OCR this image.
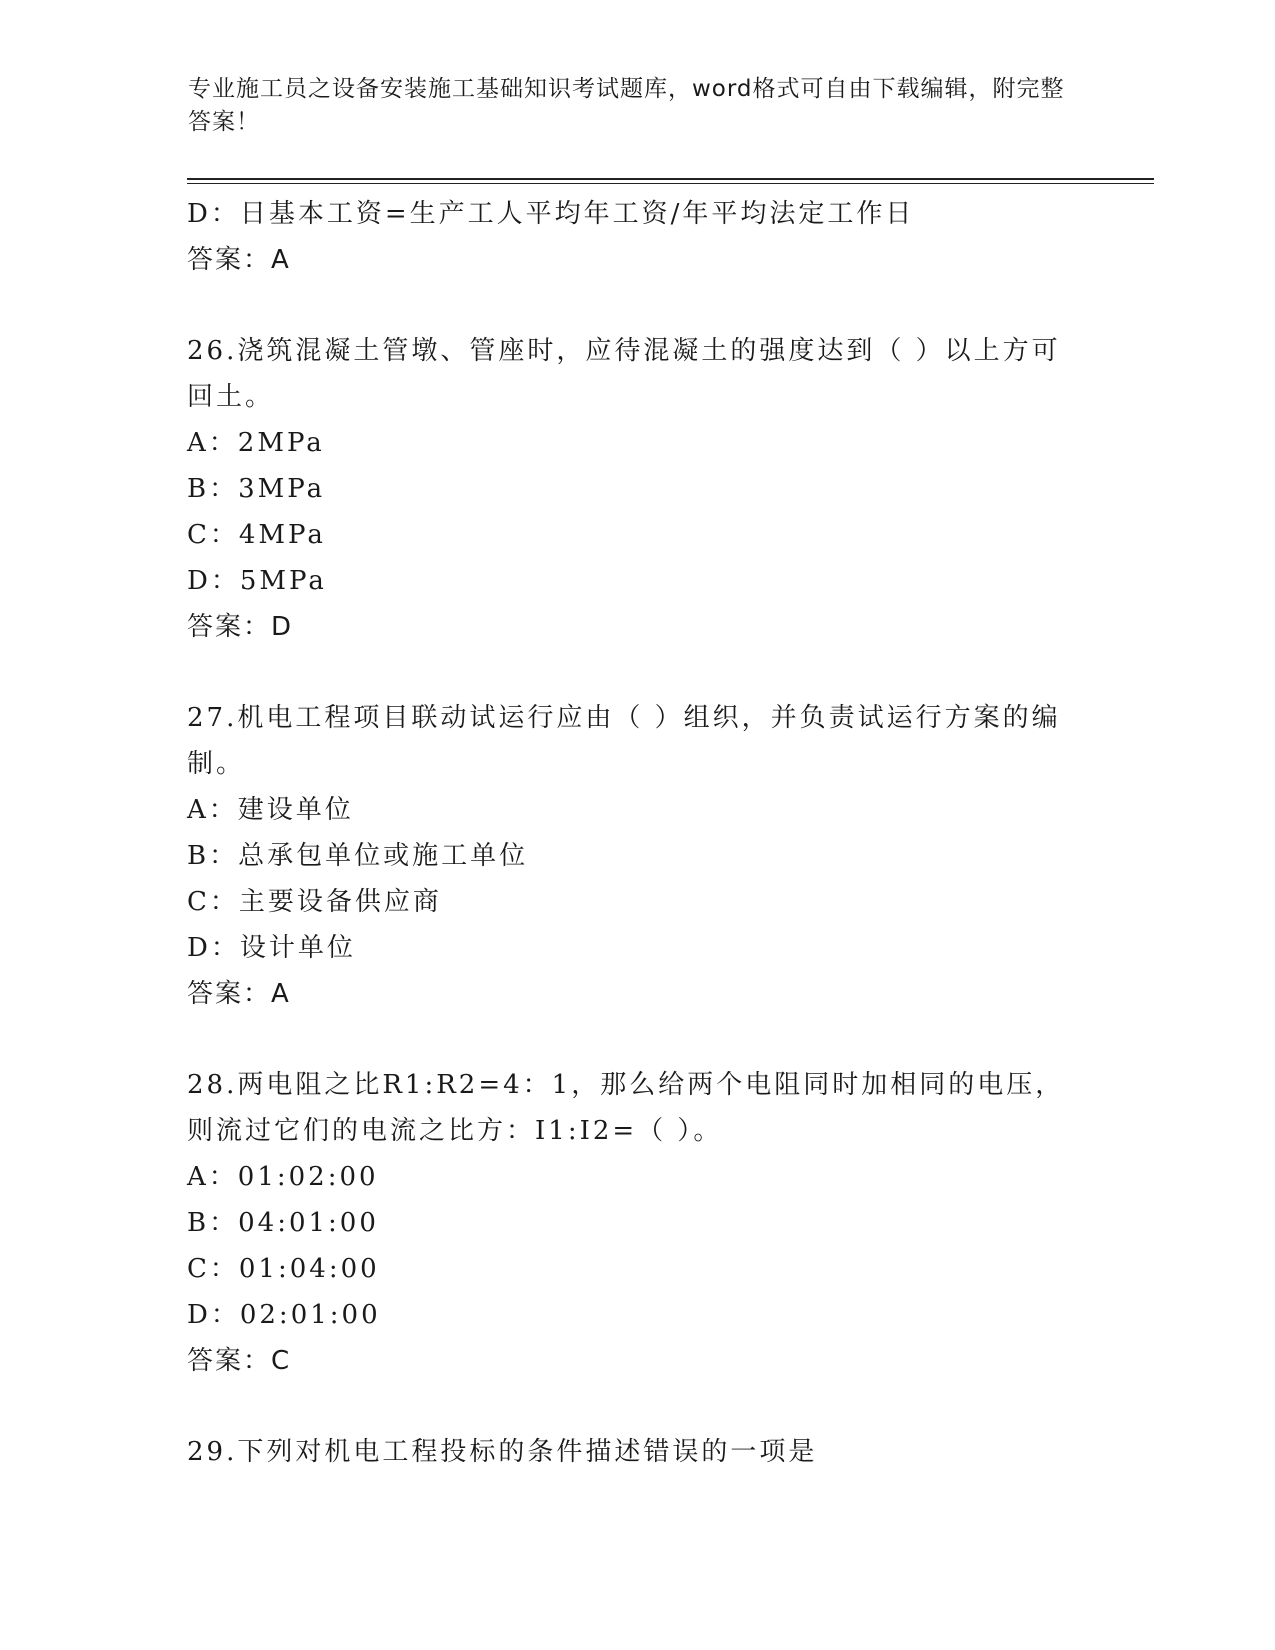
专业施工员之设备安装施工基础知识考试题库，word格式可自由下载编辑，附完整答案！
D：日基本工资=生产工人平均年工资/年平均法定工作日
答案：A
26.浇筑混凝土管墩、管座时，应待混凝土的强度达到（ ）以上方可回土。
A：2MPa
B：3MPa
C：4MPa
D：5MPa
答案：D
27.机电工程项目联动试运行应由（ ）组织，并负责试运行方案的编制。
A：建设单位
B：总承包单位或施工单位
C：主要设备供应商
D：设计单位
答案：A
28.两电阻之比R1:R2=4：1，那么给两个电阻同时加相同的电压，则流过它们的电流之比方：I1:I2=（ ）。
A：01:02:00
B：04:01:00
C：01:04:00
D：02:01:00
答案：C
29.下列对机电工程投标的条件描述错误的一项是
